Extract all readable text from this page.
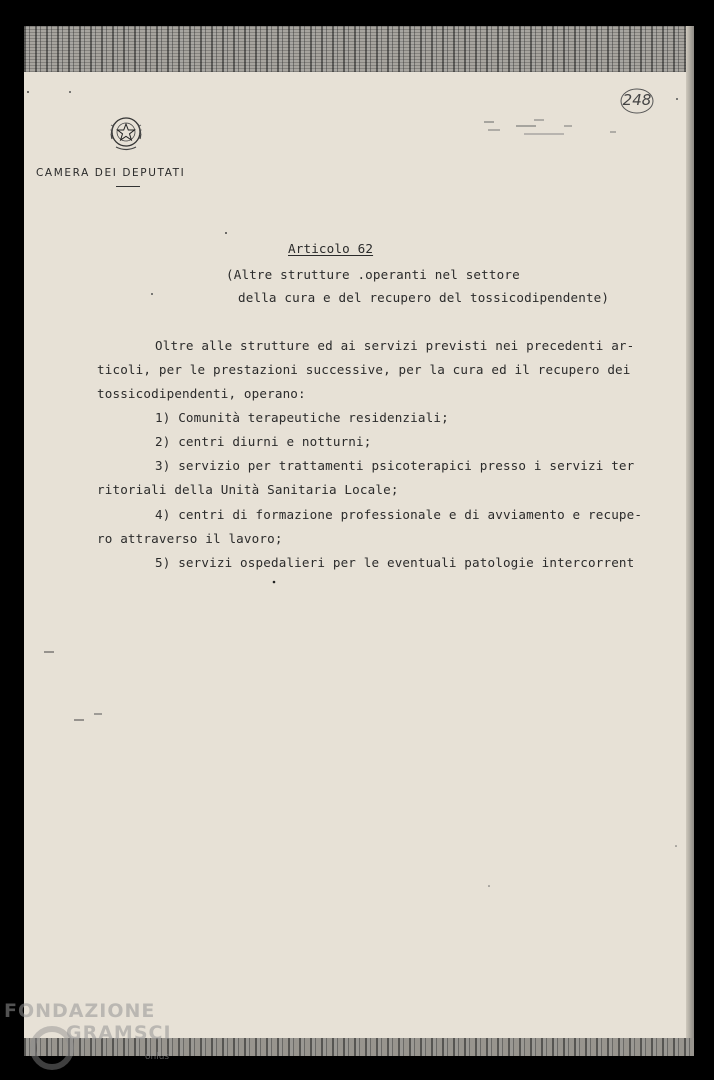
CAMERA DEI DEPUTATI
248
Articolo 62
(Altre strutture .operanti nel settore
della cura e del recupero del tossicodipendente)
Oltre alle strutture ed ai servizi previsti nei precedenti ar-
ticoli, per le prestazioni successive, per la cura ed il recupero dei
tossicodipendenti, operano:
1) Comunità terapeutiche residenziali;
2) centri diurni e notturni;
3) servizio per trattamenti psicoterapici presso i servizi ter
ritoriali della Unità Sanitaria Locale;
4) centri di formazione professionale e di avviamento e recupe-
ro attraverso il lavoro;
5) servizi ospedalieri per le eventuali patologie intercorrent
FONDAZIONE
GRAMSCI
onlus
